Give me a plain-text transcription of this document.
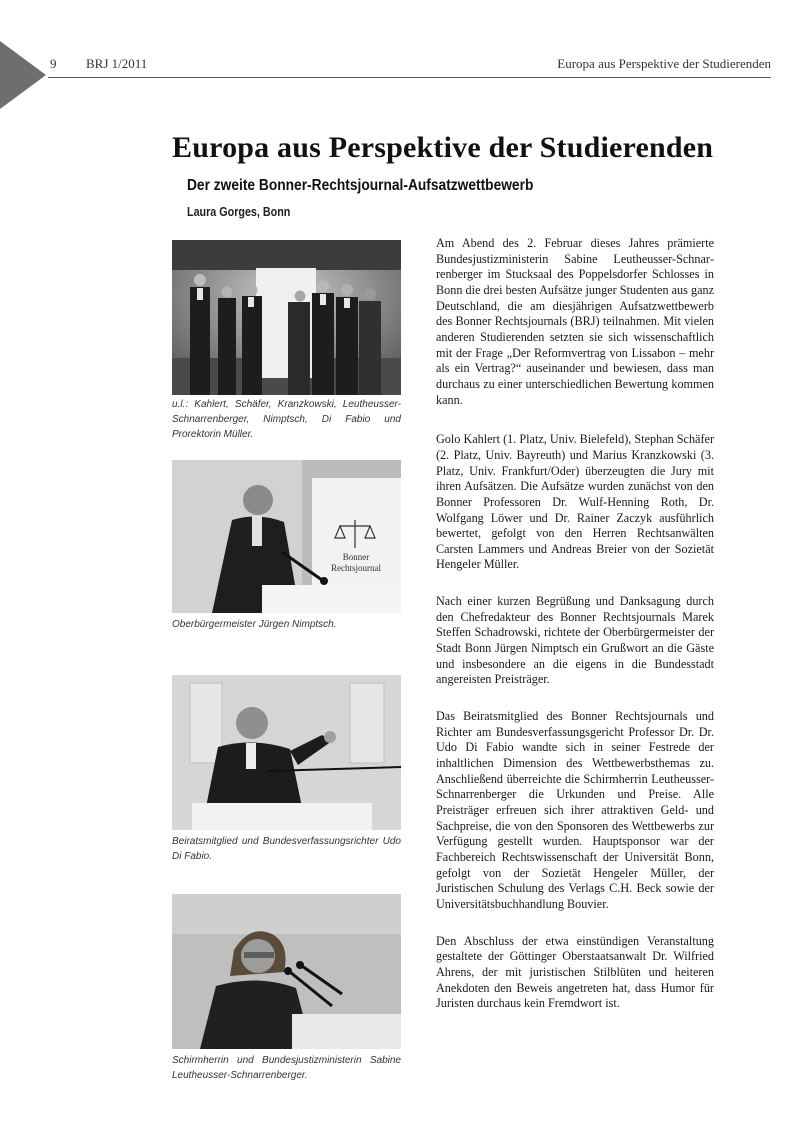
9 BRJ 1/2011	Europa aus Perspektive der Studierenden
Europa aus Perspektive der Studierenden
Der zweite Bonner-Rechtsjournal-Aufsatzwettbewerb
Laura Gorges, Bonn
u.l.: Kahlert, Schäfer, Kranzkowski, Leutheusser-Schnarrenberger, Nimptsch, Di Fabio und Prorektorin Müller.
Bonner
Rechtsjournal
Oberbürgermeister Jürgen Nimptsch.
Beiratsmitglied und Bundesverfassungsrichter Udo Di Fabio.
Schirmherrin und Bundesjustizministerin Sabine Leutheusser-Schnarrenberger.

Am Abend des 2. Februar dieses Jahres prämierte Bundesjustizministerin Sabine Leutheusser-Schnarrenberger im Stucksaal des Poppelsdorfer Schlosses in Bonn die drei besten Aufsätze junger Studenten aus ganz Deutschland, die am diesjährigen Aufsatzwettbewerb des Bonner Rechtsjournals (BRJ) teilnahmen. Mit vielen anderen Studierenden setzten sie sich wissenschaftlich mit der Frage „Der Reformvertrag von Lissabon – mehr als ein Vertrag?“ auseinander und bewiesen, dass man durchaus zu einer unterschiedlichen Bewertung kommen kann.

Golo Kahlert (1. Platz, Univ. Bielefeld), Stephan Schäfer (2. Platz, Univ. Bayreuth) und Marius Kranzkowski (3. Platz, Univ. Frankfurt/Oder) überzeugten die Jury mit ihren Aufsätzen. Die Aufsätze wurden zunächst von den Bonner Professoren Dr. Wulf-Henning Roth, Dr. Wolfgang Löwer und Dr. Rainer Zaczyk ausführlich bewertet, gefolgt von den Herren Rechtsanwälten Carsten Lammers und Andreas Breier von der Sozietät Hengeler Müller.

Nach einer kurzen Begrüßung und Danksagung durch den Chefredakteur des Bonner Rechtsjournals Marek Steffen Schadrowski, richtete der Oberbürgermeister der Stadt Bonn Jürgen Nimptsch ein Grußwort an die Gäste und insbesondere an die eigens in die Bundesstadt angereisten Preisträger.

Das Beiratsmitglied des Bonner Rechtsjournals und Richter am Bundesverfassungsgericht Professor Dr. Dr. Udo Di Fabio wandte sich in seiner Festrede der inhaltlichen Dimension des Wettbewerbsthemas zu. Anschließend überreichte die Schirmherrin Leutheusser-Schnarrenberger die Urkunden und Preise. Alle Preisträger erfreuen sich ihrer attraktiven Geld- und Sachpreise, die von den Sponsoren des Wettbewerbs zur Verfügung gestellt wurden. Hauptsponsor war der Fachbereich Rechtswissenschaft der Universität Bonn, gefolgt von der Sozietät Hengeler Müller, der Juristischen Schulung des Verlags C.H. Beck sowie der Universitätsbuchhandlung Bouvier.

Den Abschluss der etwa einstündigen Veranstaltung gestaltete der Göttinger Oberstaatsanwalt Dr. Wilfried Ahrens, der mit juristischen Stilblüten und heiteren Anekdoten den Beweis angetreten hat, dass Humor für Juristen durchaus kein Fremdwort ist.
